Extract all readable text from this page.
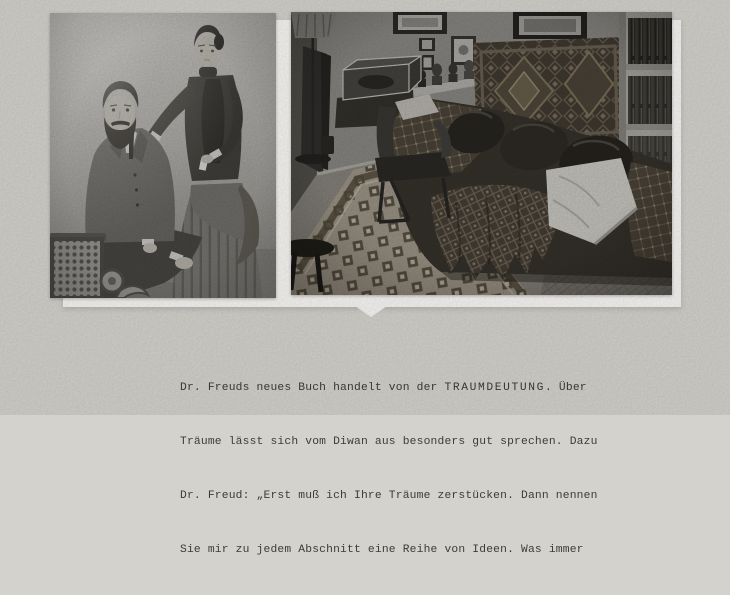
Dr. Freuds neues Buch handelt von der TRAUMDEUTUNG. Über

Träume lässt sich vom Diwan aus besonders gut sprechen. Dazu

Dr. Freud: „Erst muß ich Ihre Träume zerstücken. Dann nennen

Sie mir zu jedem Abschnitt eine Reihe von Ideen. Was immer
